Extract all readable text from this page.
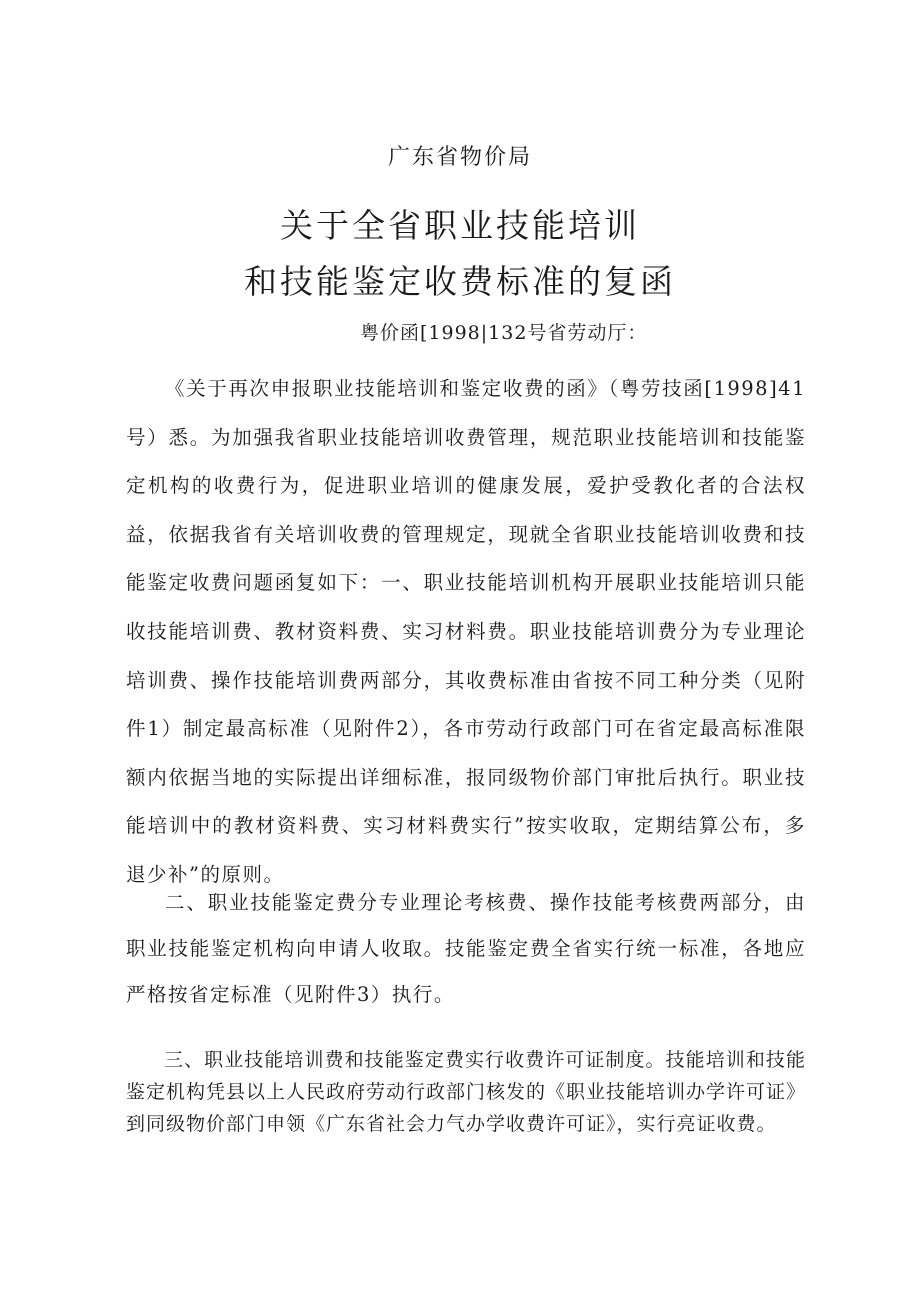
广东省物价局
关于全省职业技能培训
和技能鉴定收费标准的复函
粤价函[1998|132号省劳动厅：

《关于再次申报职业技能培训和鉴定收费的函》（粤劳技函[1998]41号）悉。为加强我省职业技能培训收费管理，规范职业技能培训和技能鉴定机构的收费行为，促进职业培训的健康发展，爱护受教化者的合法权益，依据我省有关培训收费的管理规定，现就全省职业技能培训收费和技能鉴定收费问题函复如下：一、职业技能培训机构开展职业技能培训只能收技能培训费、教材资料费、实习材料费。职业技能培训费分为专业理论培训费、操作技能培训费两部分，其收费标准由省按不同工种分类（见附件1）制定最高标准（见附件2），各市劳动行政部门可在省定最高标准限额内依据当地的实际提出详细标准，报同级物价部门审批后执行。职业技能培训中的教材资料费、实习材料费实行”按实收取，定期结算公布，多退少补”的原则。

二、职业技能鉴定费分专业理论考核费、操作技能考核费两部分，由职业技能鉴定机构向申请人收取。技能鉴定费全省实行统一标准，各地应严格按省定标准（见附件3）执行。

三、职业技能培训费和技能鉴定费实行收费许可证制度。技能培训和技能鉴定机构凭县以上人民政府劳动行政部门核发的《职业技能培训办学许可证》到同级物价部门申领《广东省社会力气办学收费许可证》，实行亮证收费。
